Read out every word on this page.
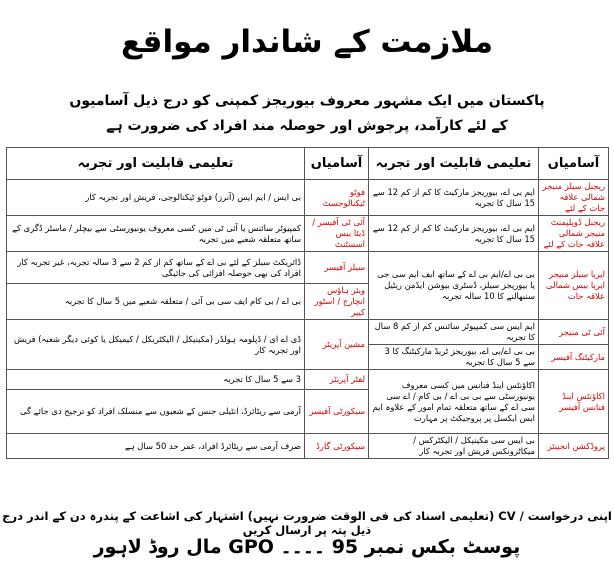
ملازمت کے شاندار مواقع
پاکستان میں ایک مشہور معروف بیوریجز کمپنی کو درج ذیل آسامیوں
کے لئے کارآمد، پرجوش اور حوصلہ مند افراد کی ضرورت ہے
آسامیاں	تعلیمی قابلیت اور تجربہ	آسامیاں	تعلیمی قابلیت اور تجربہ
ریجنل سیلز منیجر شمالی علاقہ جات کے لئے	ایم بی اے، بیوریجز مارکیٹ کا کم از کم 12 سے 15 سال کا تجربہ	فوٹو ٹیکنالوجسٹ	بی ایس / ایم ایس (آنرز) فوٹو ٹیکنالوجی، فریش اور تجربہ کار
ریجنل ڈویلپمنٹ منیجر شمالی علاقہ جات کے لئے	ایم بی اے، بیوریجز مارکیٹ کا کم از کم 12 سے 15 سال کا تجربہ	آئی ٹی آفیسر / ڈیٹا بیس اسسٹنٹ	کمپیوٹر سائنس یا آئی ٹی میں کسی معروف یونیورسٹی سے بیچلر / ماسٹر ڈگری کے ساتھ متعلقہ شعبے میں تجربہ
ایریا سیلز منیجر ایریا بیس شمالی علاقہ جات	بی بی اے/ایم بی اے کے ساتھ ایف ایم سی جی یا بیوریجز سیلز، ڈسٹری بیوشن ایڈمن ریٹیل سنبھالنے کا 10 سالہ تجربہ	سیلز آفیسر	ڈائریکٹ سیلز کے لئے بی اے کے ساتھ کم از کم 2 سے 3 سالہ تجربہ، غیر تجربہ کار افراد کی بھی حوصلہ افزائی کی جائیگی
		ویئر ہاؤس انچارج / اسٹور کیپر	بی اے / بی کام ایف سی بی آئی / متعلقہ شعبے میں 5 سال کا تجربہ
آئی ٹی منیجر	ایم ایس سی کمپیوٹر سائنس کم از کم 8 سال کا تجربہ	مشین آپریٹر	ڈی اے ای / ڈپلومہ ہولڈر (مکینیکل / الیکٹریکل / کیمیکل یا کوئی دیگر شعبہ) فریش اور تجربہ کار
مارکیٹنگ آفیسر	بی بی اے/بی اے، بیوریجز ٹریڈ مارکیٹنگ کا 3 سے 5 سال کا تجربہ		
اکاؤنٹس اینڈ فنانس آفیسر	اکاؤنٹس اینڈ فنانس میں کسی معروف یونیورسٹی سے بی بی اے / بی کام / اے سی سی اے کے ساتھ متعلقہ تمام امور کے علاوہ ایم ایس ایکسل پر پروجیکٹ پر مہارت	لفٹر آپریٹر	3 سے 5 سال کا تجربہ
		سیکورٹی آفیسر	آرمی سے ریٹائرڈ، انٹیلی جنس کے شعبوں سے منسلک افراد کو ترجیح دی جائے گی
پروڈکشن انجینئر	بی ایس سی مکینیکل / الیکٹرکس / میکاٹرونکس فریش اور تجربہ کار	سیکورٹی گارڈ	صرف آرمی سے ریٹائرڈ افراد، عمر حد 50 سال ہے
اپنی درخواست / CV (تعلیمی اسناد کی فی الوقت ضرورت نہیں) اشتہار کی اشاعت کے پندرہ دن کے اندر درج ذیل پتہ پر ارسال کریں
پوسٹ بکس نمبر 95 ۔۔۔۔ GPO مال روڈ لاہور
